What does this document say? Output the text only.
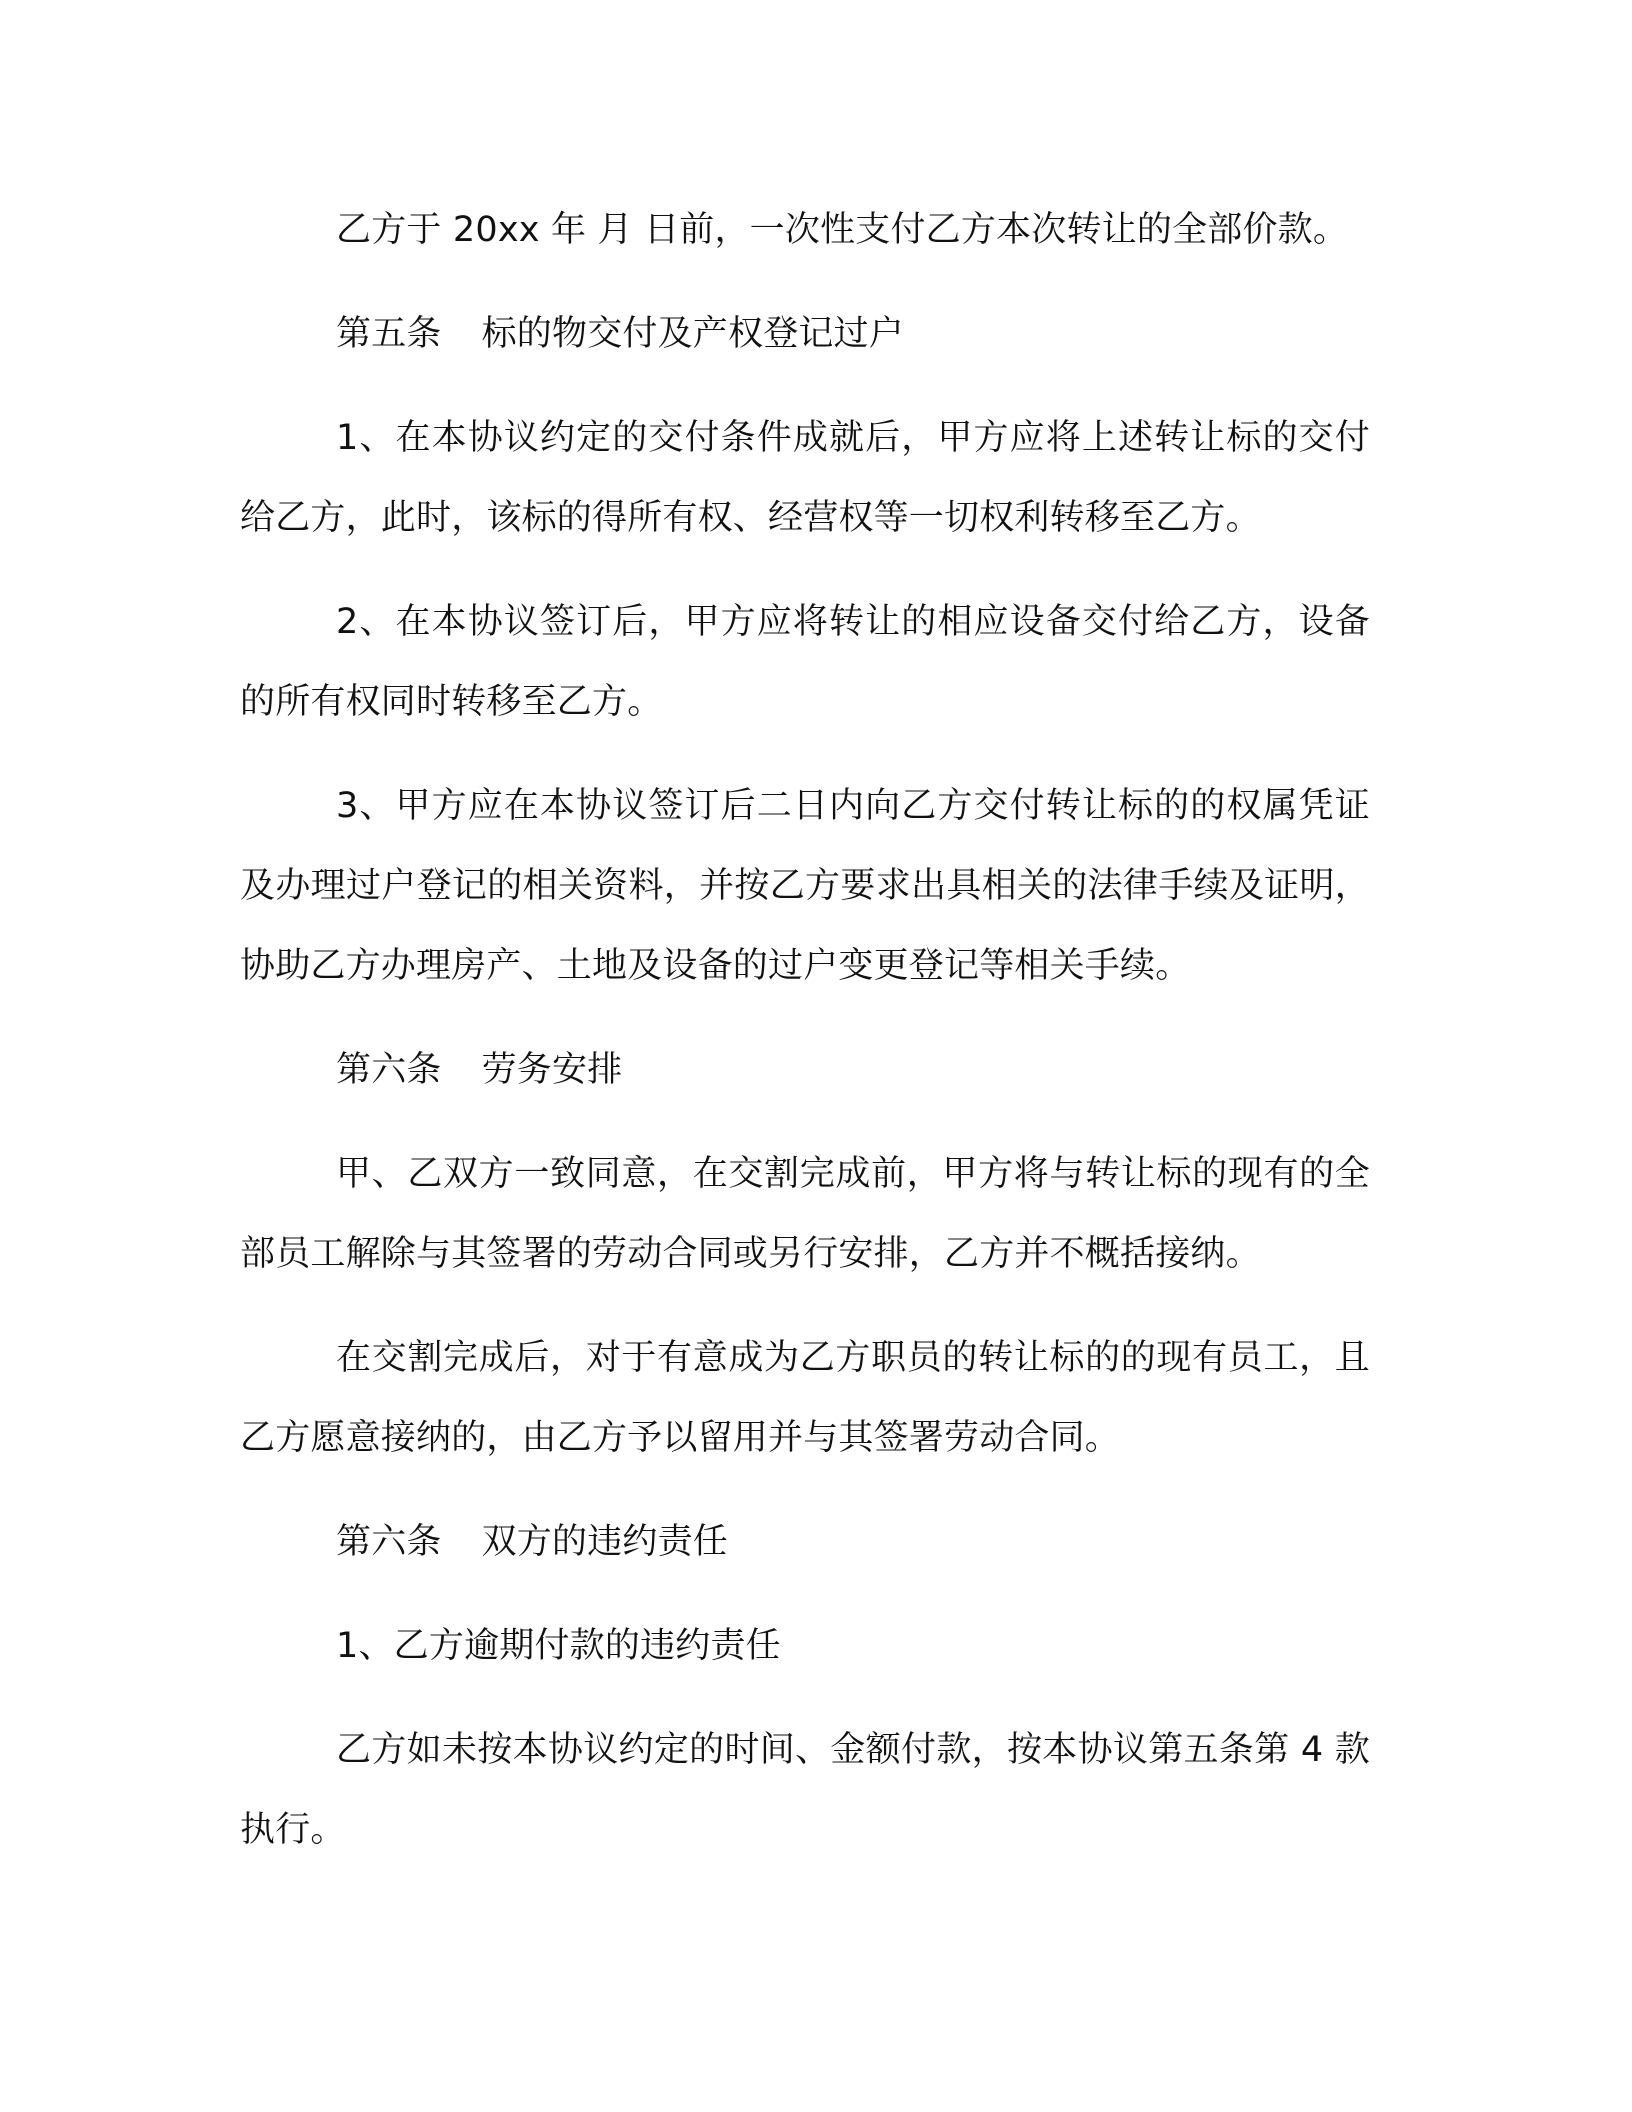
乙方于 20xx 年 月 日前，一次性支付乙方本次转让的全部价款。

第五条 标的物交付及产权登记过户

1、在本协议约定的交付条件成就后，甲方应将上述转让标的交付给乙方，此时，该标的得所有权、经营权等一切权利转移至乙方。

2、在本协议签订后，甲方应将转让的相应设备交付给乙方，设备的所有权同时转移至乙方。

3、甲方应在本协议签订后二日内向乙方交付转让标的的权属凭证及办理过户登记的相关资料，并按乙方要求出具相关的法律手续及证明，协助乙方办理房产、土地及设备的过户变更登记等相关手续。

第六条 劳务安排

甲、乙双方一致同意，在交割完成前，甲方将与转让标的现有的全部员工解除与其签署的劳动合同或另行安排，乙方并不概括接纳。

在交割完成后，对于有意成为乙方职员的转让标的的现有员工，且乙方愿意接纳的，由乙方予以留用并与其签署劳动合同。

第六条 双方的违约责任

1、乙方逾期付款的违约责任

乙方如未按本协议约定的时间、金额付款，按本协议第五条第 4 款执行。
